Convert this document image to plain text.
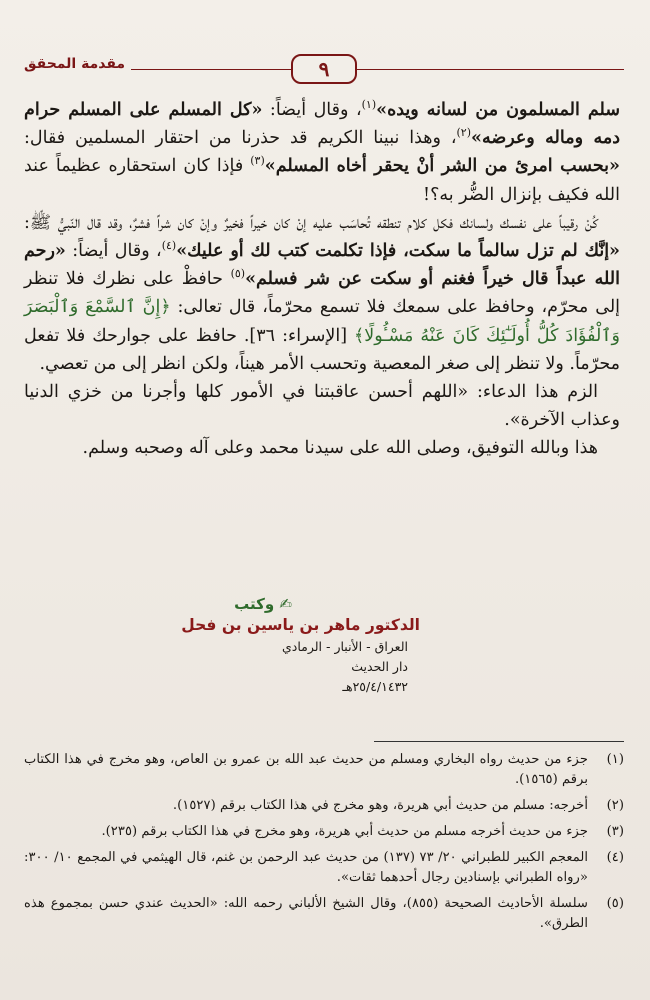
مقدمة المحقق	٩

سلم المسلمون من لسانه ويده»$^{(١)}$، وقال أيضاً: «كل المسلم على المسلم حرام دمه وماله وعرضه»$^{(٢)}$، وهذا نبينا الكريم قد حذرنا من احتقار المسلمين فقال: «بحسب امرئ من الشر أنْ يحقر أخاه المسلم»$^{(٣)}$ فإذا كان استحقاره عظيماً عند الله فكيف بإنزال الضُّر به؟!

كُنْ رقيباً على نفسك ولسانك فكل كلام تنطقه تُحاسَب عليه إنْ كان خيراً فخيرٌ وإنْ كان شراً فشرٌ، وقد قال النّبيُّ ﷺ: «إنَّك لم تزل سالماً ما سكت، فإذا تكلمت كتب لك أو عليك»$^{(٤)}$، وقال أيضاً: «رحم الله عبداً قال خيراً فغنم أو سكت عن شر فسلم»$^{(٥)}$ حافظْ على نظرك فلا تنظر إلى محرّم، وحافظ على سمعك فلا تسمع محرّماً، قال تعالى: ﴿إِنَّ ٱلسَّمْعَ وَٱلْبَصَرَ وَٱلْفُؤَادَ كُلُّ أُولَـٰٓئِكَ كَانَ عَنْهُ مَسْـُٔولًا﴾ [الإسراء: ٣٦]. حافظ على جوارحك فلا تفعل محرّماً. ولا تنظر إلى صغر المعصية وتحسب الأمر هيناً، ولكن انظر إلى من تعصي.

الزم هذا الدعاء: «اللهم أحسن عاقبتنا في الأمور كلها وأجرنا من خزي الدنيا وعذاب الآخرة».

هذا وبالله التوفيق، وصلى الله على سيدنا محمد وعلى آله وصحبه وسلم.

✍ وكتب
الدكتور ماهر بن ياسين بن فحل
العراق - الأنبار - الرمادي
دار الحديث
٢٥/٤/١٤٣٢هـ
(١)
جزء من حديث رواه البخاري ومسلم من حديث عبد الله بن عمرو بن العاص، وهو مخرج في هذا الكتاب برقم (١٥٦٥).
(٢)
أخرجه: مسلم من حديث أبي هريرة، وهو مخرج في هذا الكتاب برقم (١٥٢٧).
(٣)
جزء من حديث أخرجه مسلم من حديث أبي هريرة، وهو مخرج في هذا الكتاب برقم (٢٣٥).
(٤)
المعجم الكبير للطبراني ٢٠/ ٧٣ (١٣٧) من حديث عبد الرحمن بن غنم، قال الهيثمي في المجمع ١٠/ ٣٠٠: «رواه الطبراني بإسنادين رجال أحدهما ثقات».
(٥)
سلسلة الأحاديث الصحيحة (٨٥٥)، وقال الشيخ الألباني رحمه الله: «الحديث عندي حسن بمجموع هذه الطرق».
